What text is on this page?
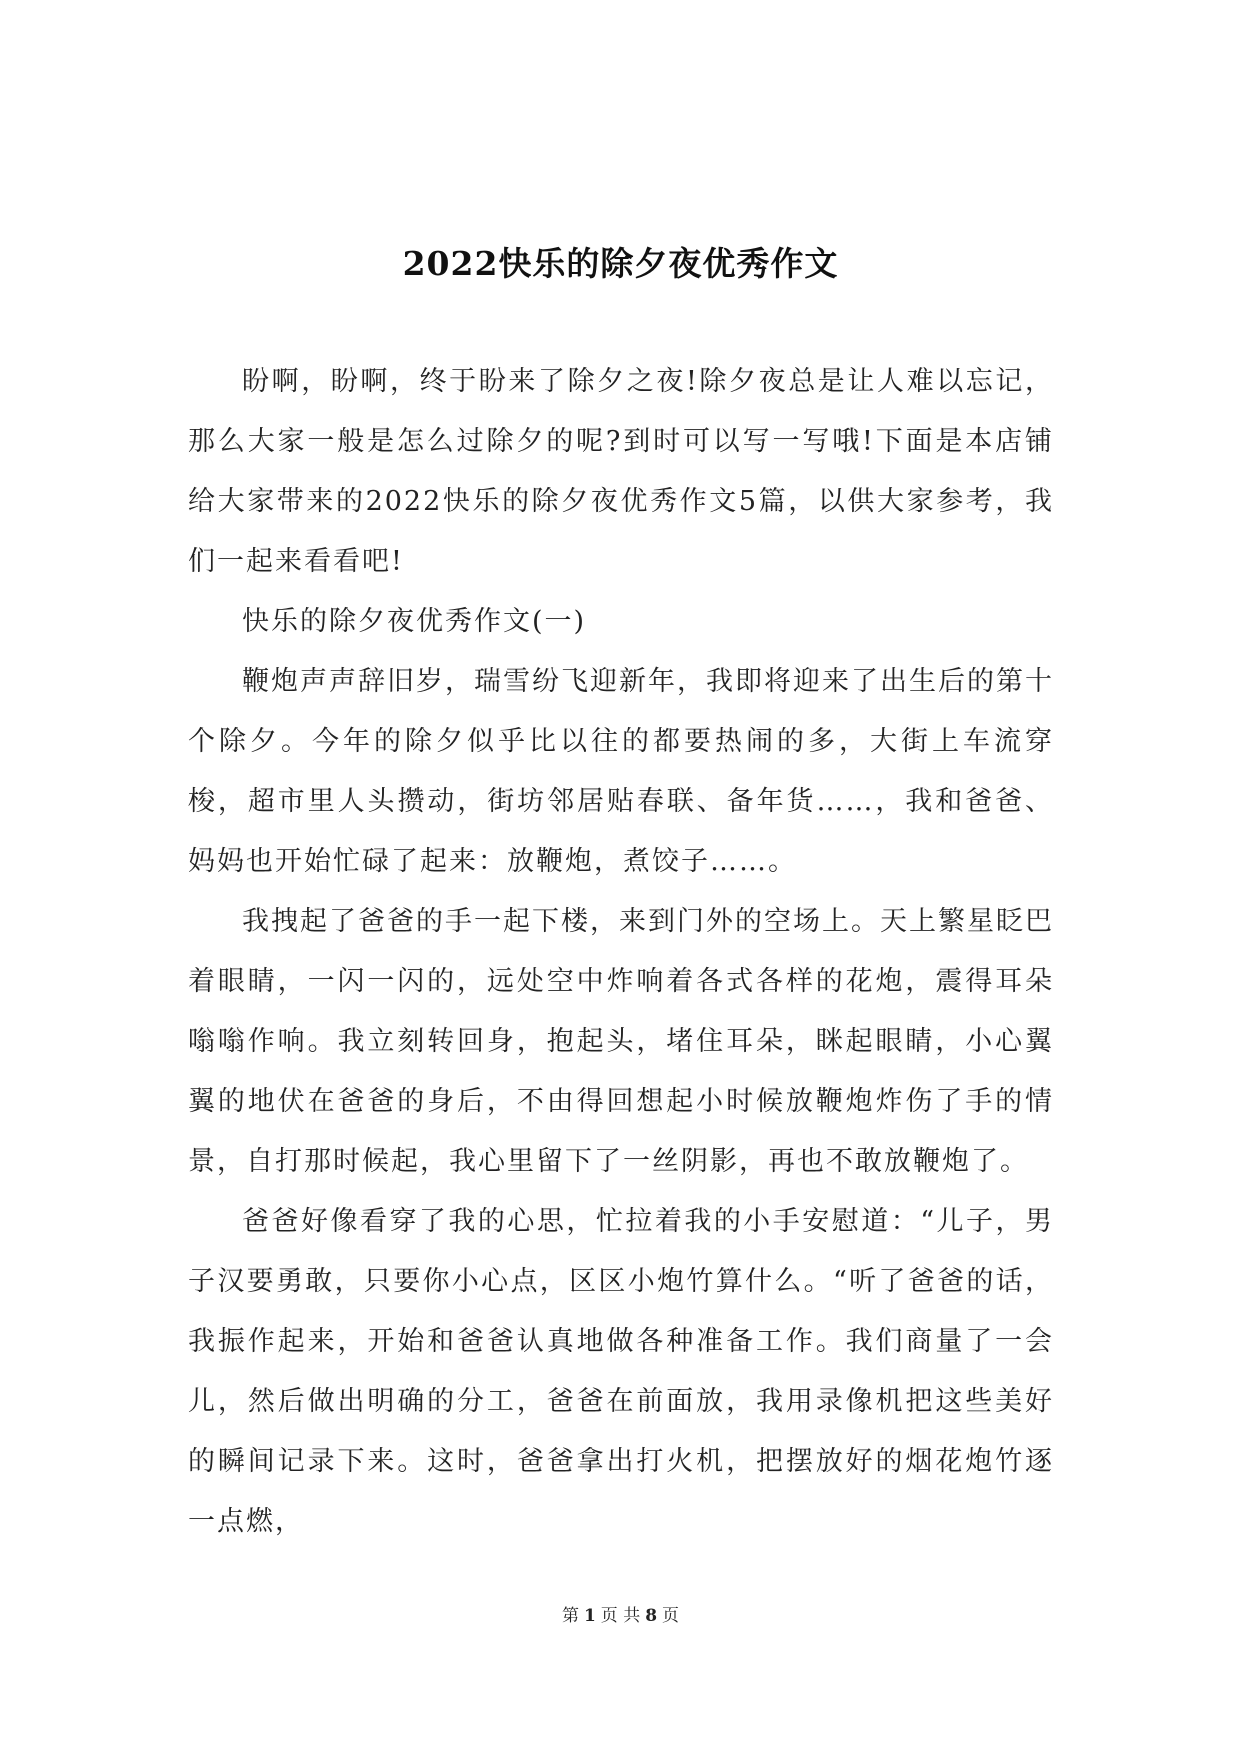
2022快乐的除夕夜优秀作文

盼啊，盼啊，终于盼来了除夕之夜!除夕夜总是让人难以忘记，那么大家一般是怎么过除夕的呢?到时可以写一写哦!下面是本店铺给大家带来的2022快乐的除夕夜优秀作文5篇，以供大家参考，我们一起来看看吧!

快乐的除夕夜优秀作文(一)

鞭炮声声辞旧岁，瑞雪纷飞迎新年，我即将迎来了出生后的第十个除夕。今年的除夕似乎比以往的都要热闹的多，大街上车流穿梭，超市里人头攒动，街坊邻居贴春联、备年货……，我和爸爸、妈妈也开始忙碌了起来：放鞭炮，煮饺子……。

我拽起了爸爸的手一起下楼，来到门外的空场上。天上繁星眨巴着眼睛，一闪一闪的，远处空中炸响着各式各样的花炮，震得耳朵嗡嗡作响。我立刻转回身，抱起头，堵住耳朵，眯起眼睛，小心翼翼的地伏在爸爸的身后，不由得回想起小时候放鞭炮炸伤了手的情景，自打那时候起，我心里留下了一丝阴影，再也不敢放鞭炮了。

爸爸好像看穿了我的心思，忙拉着我的小手安慰道：“儿子，男子汉要勇敢，只要你小心点，区区小炮竹算什么。“听了爸爸的话，我振作起来，开始和爸爸认真地做各种准备工作。我们商量了一会儿，然后做出明确的分工，爸爸在前面放，我用录像机把这些美好的瞬间记录下来。这时，爸爸拿出打火机，把摆放好的烟花炮竹逐一点燃，

第 1 页 共 8 页
